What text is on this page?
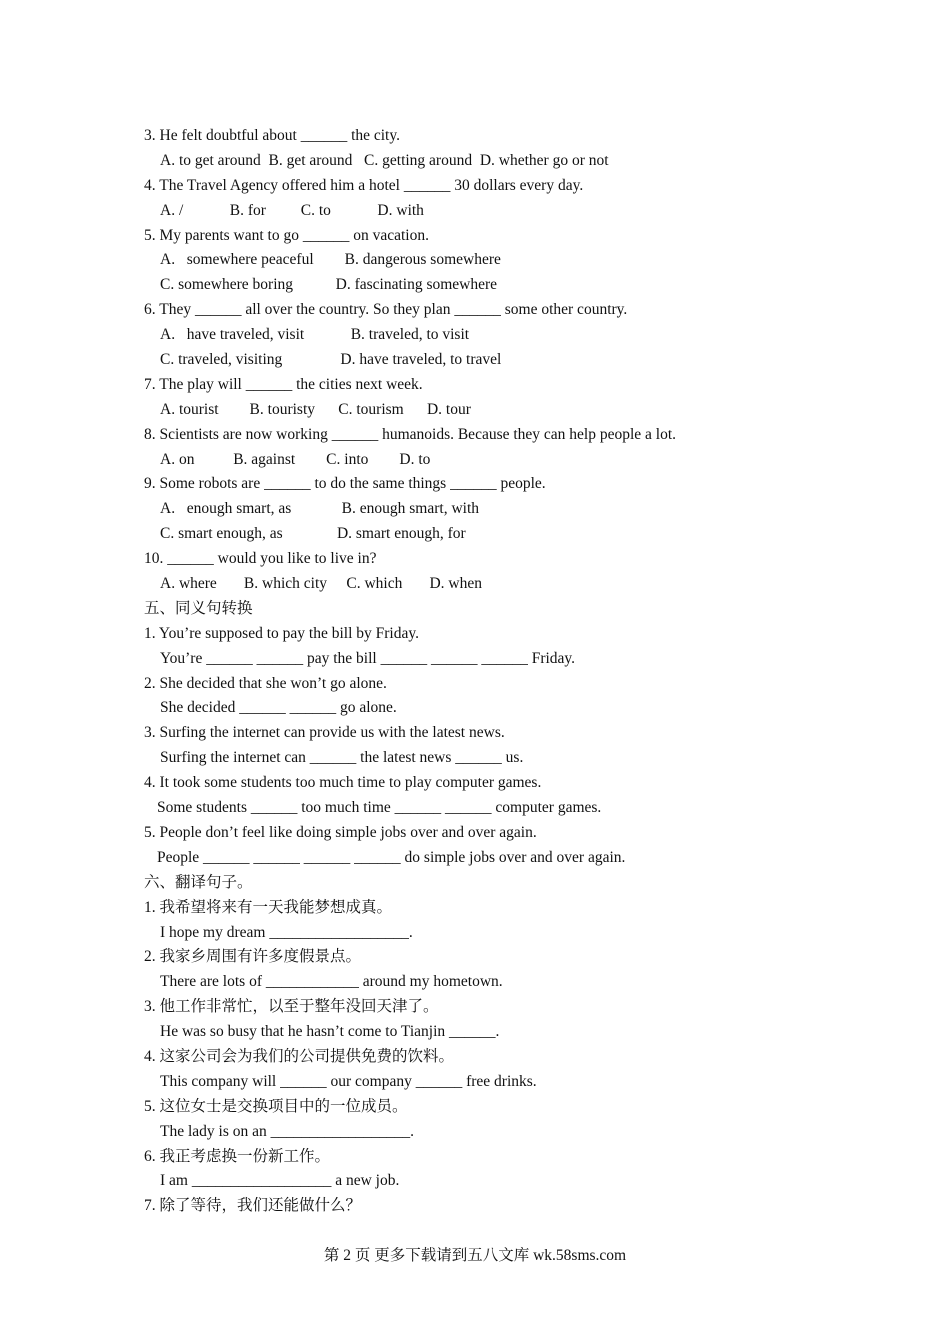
3. He felt doubtful about ______ the city.
A. to get around  B. get around   C. getting around  D. whether go or not
4. The Travel Agency offered him a hotel ______ 30 dollars every day.
A. /            B. for         C. to            D. with
5. My parents want to go ______ on vacation.
A.   somewhere peaceful        B. dangerous somewhere
C. somewhere boring           D. fascinating somewhere
6. They ______ all over the country. So they plan ______ some other country.
A.   have traveled, visit            B. traveled, to visit
C. traveled, visiting               D. have traveled, to travel
7. The play will ______ the cities next week.
A. tourist        B. touristy      C. tourism      D. tour
8. Scientists are now working ______ humanoids. Because they can help people a lot.
A. on          B. against        C. into        D. to
9. Some robots are ______ to do the same things ______ people.
A.   enough smart, as             B. enough smart, with
C. smart enough, as              D. smart enough, for
10. ______ would you like to live in?
A. where       B. which city     C. which       D. when
五、同义句转换
1. You’re supposed to pay the bill by Friday.
You’re ______ ______ pay the bill ______ ______ ______ Friday.
2. She decided that she won’t go alone.
She decided ______ ______ go alone.
3. Surfing the internet can provide us with the latest news.
Surfing the internet can ______ the latest news ______ us.
4. It took some students too much time to play computer games.
Some students ______ too much time ______ ______ computer games.
5. People don’t feel like doing simple jobs over and over again.
People ______ ______ ______ ______ do simple jobs over and over again.
六、翻译句子。
1. 我希望将来有一天我能梦想成真。
I hope my dream __________________.
2. 我家乡周围有许多度假景点。
There are lots of ____________ around my hometown.
3. 他工作非常忙，以至于整年没回天津了。
He was so busy that he hasn’t come to Tianjin ______.
4. 这家公司会为我们的公司提供免费的饮料。
This company will ______ our company ______ free drinks.
5. 这位女士是交换项目中的一位成员。
The lady is on an __________________.
6. 我正考虑换一份新工作。
I am __________________ a new job.
7. 除了等待，我们还能做什么？
第 2 页 更多下载请到五八文库 wk.58sms.com
